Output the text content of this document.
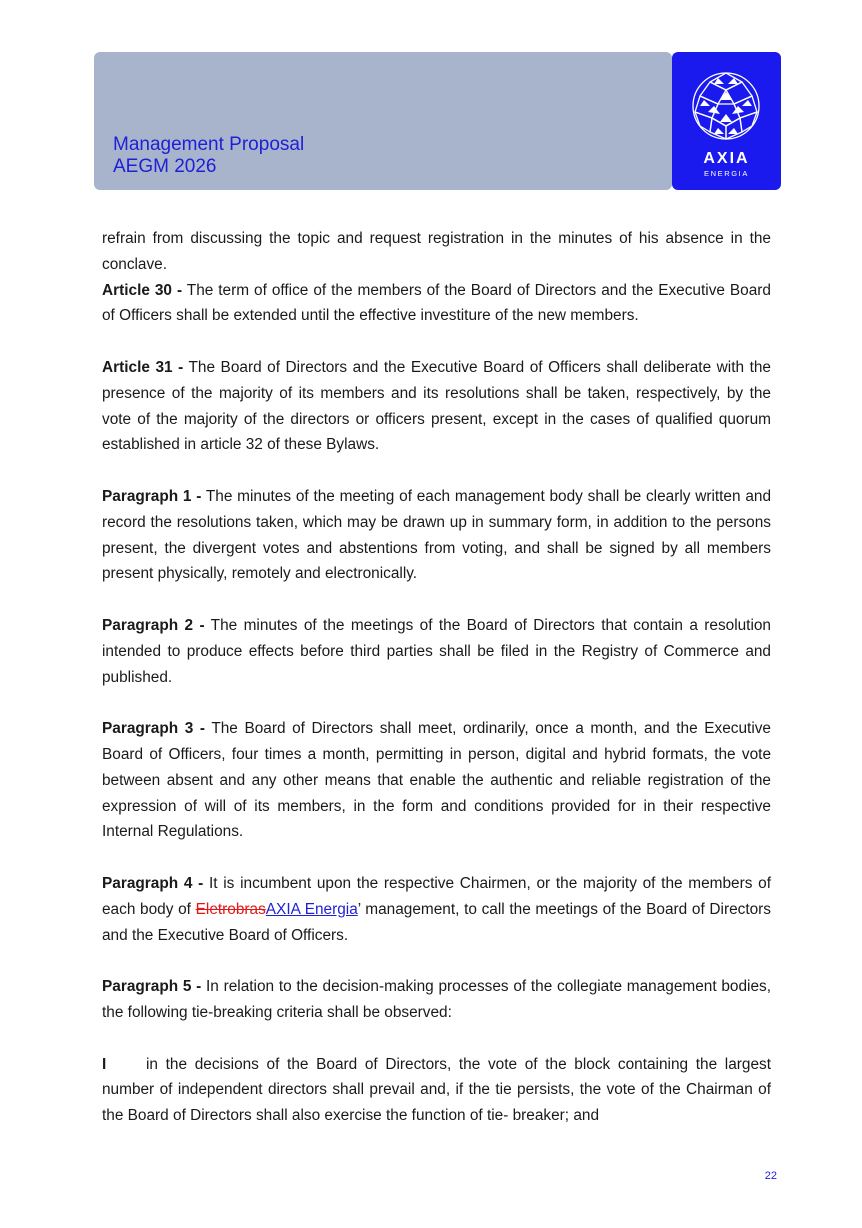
Management Proposal
AEGM 2026	AXIA
ENERGIA

refrain from discussing the topic and request registration in the minutes of his absence in the conclave.

Article 30 - The term of office of the members of the Board of Directors and the Executive Board of Officers shall be extended until the effective investiture of the new members.

Article 31 - The Board of Directors and the Executive Board of Officers shall deliberate with the presence of the majority of its members and its resolutions shall be taken, respectively, by the vote of the majority of the directors or officers present, except in the cases of qualified quorum established in article 32 of these Bylaws.

Paragraph 1 - The minutes of the meeting of each management body shall be clearly written and record the resolutions taken, which may be drawn up in summary form, in addition to the persons present, the divergent votes and abstentions from voting, and shall be signed by all members present physically, remotely and electronically.

Paragraph 2 - The minutes of the meetings of the Board of Directors that contain a resolution intended to produce effects before third parties shall be filed in the Registry of Commerce and published.

Paragraph 3 - The Board of Directors shall meet, ordinarily, once a month, and the Executive Board of Officers, four times a month, permitting in person, digital and hybrid formats, the vote between absent and any other means that enable the authentic and reliable registration of the expression of will of its members, in the form and conditions provided for in their respective Internal Regulations.

Paragraph 4 - It is incumbent upon the respective Chairmen, or the majority of the members of each body of EletrobrasAXIA Energia’ management, to call the meetings of the Board of Directors and the Executive Board of Officers.

Paragraph 5 - In relation to the decision-making processes of the collegiate management bodies, the following tie-breaking criteria shall be observed:

I	in the decisions of the Board of Directors, the vote of the block containing the largest number of independent directors shall prevail and, if the tie persists, the vote of the Chairman of the Board of Directors shall also exercise the function of tie- breaker; and

22
